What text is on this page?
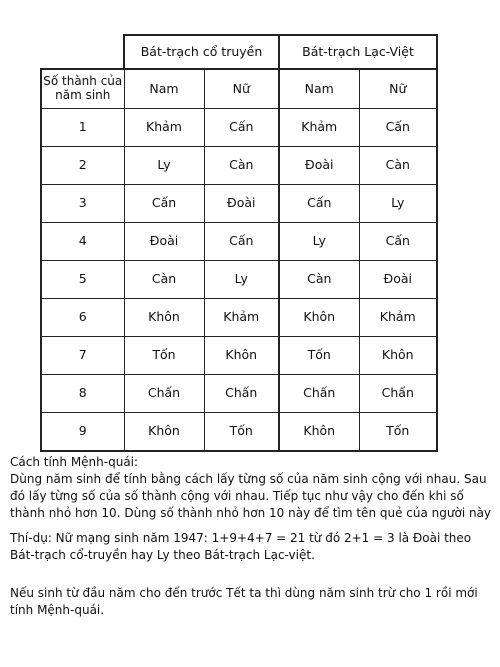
	Bát-trạch cổ truyền		Bát-trạch Lạc-Việt	
Số thành của năm sinh	Nam	Nữ	Nam	Nữ
1	Khảm	Cấn	Khảm	Cấn
2	Ly	Càn	Đoài	Càn
3	Cấn	Đoài	Cấn	Ly
4	Đoài	Cấn	Ly	Cấn
5	Càn	Ly	Càn	Đoài
6	Khôn	Khảm	Khôn	Khảm
7	Tốn	Khôn	Tốn	Khôn
8	Chấn	Chấn	Chấn	Chấn
9	Khôn	Tốn	Khôn	Tốn

Cách tính Mệnh-quái:

Dùng năm sinh để tính bằng cách lấy từng số của năm sinh cộng với nhau. Sau đó lấy từng số của số thành cộng với nhau. Tiếp tục như vậy cho đến khi số thành nhỏ hơn 10. Dùng số thành nhỏ hơn 10 này để tìm tên quẻ của người này

Thí-dụ: Nữ mạng sinh năm 1947: 1+9+4+7 = 21 từ đó 2+1 = 3 là Đoài theo Bát-trạch cổ-truyền hay Ly theo Bát-trạch Lạc-việt.

Nếu sinh từ đầu năm cho đến trước Tết ta thì dùng năm sinh trừ cho 1 rồi mới tính Mệnh-quái.
